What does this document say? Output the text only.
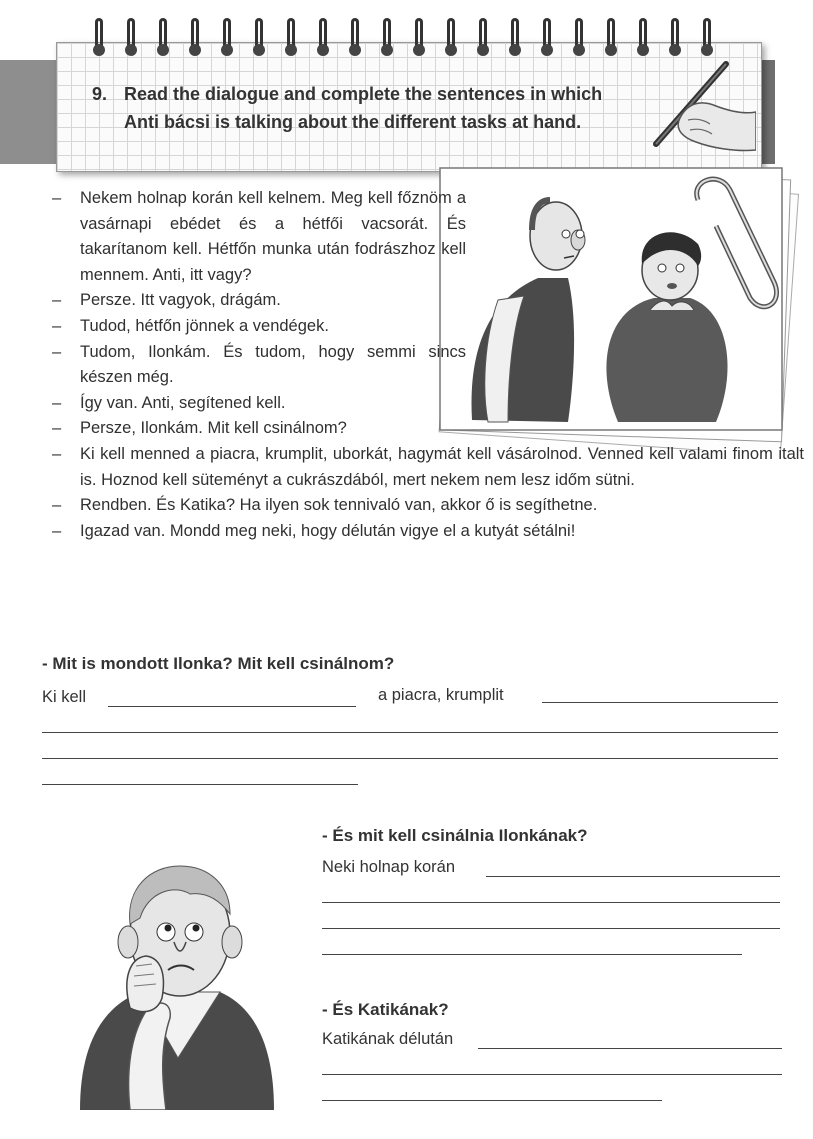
9. Read the dialogue and complete the sentences in which Anti bácsi is talking about the different tasks at hand.
– Nekem holnap korán kell kelnem. Meg kell főznöm a vasárnapi ebédet és a hétfői vacsorát. És takarítanom kell. Hétfőn munka után fodrászhoz kell mennem. Anti, itt vagy?
– Persze. Itt vagyok, drágám.
– Tudod, hétfőn jönnek a vendégek.
– Tudom, Ilonkám. És tudom, hogy semmi sincs készen még.
– Így van. Anti, segítened kell.
– Persze, Ilonkám. Mit kell csinálnom?
– Ki kell menned a piacra, krumplit, uborkát, hagymát kell vásárolnod. Venned kell valami finom italt is. Hoznod kell süteményt a cukrászdából, mert nekem nem lesz időm sütni.
– Rendben. És Katika? Ha ilyen sok tennivaló van, akkor ő is segíthetne.
– Igazad van. Mondd meg neki, hogy délután vigye el a kutyát sétálni!
- Mit is mondott Ilonka? Mit kell csinálnom?
Ki kell	a piacra, krumplit
- És mit kell csinálnia Ilonkának?
Neki holnap korán
- És Katikának?
Katikának délután
